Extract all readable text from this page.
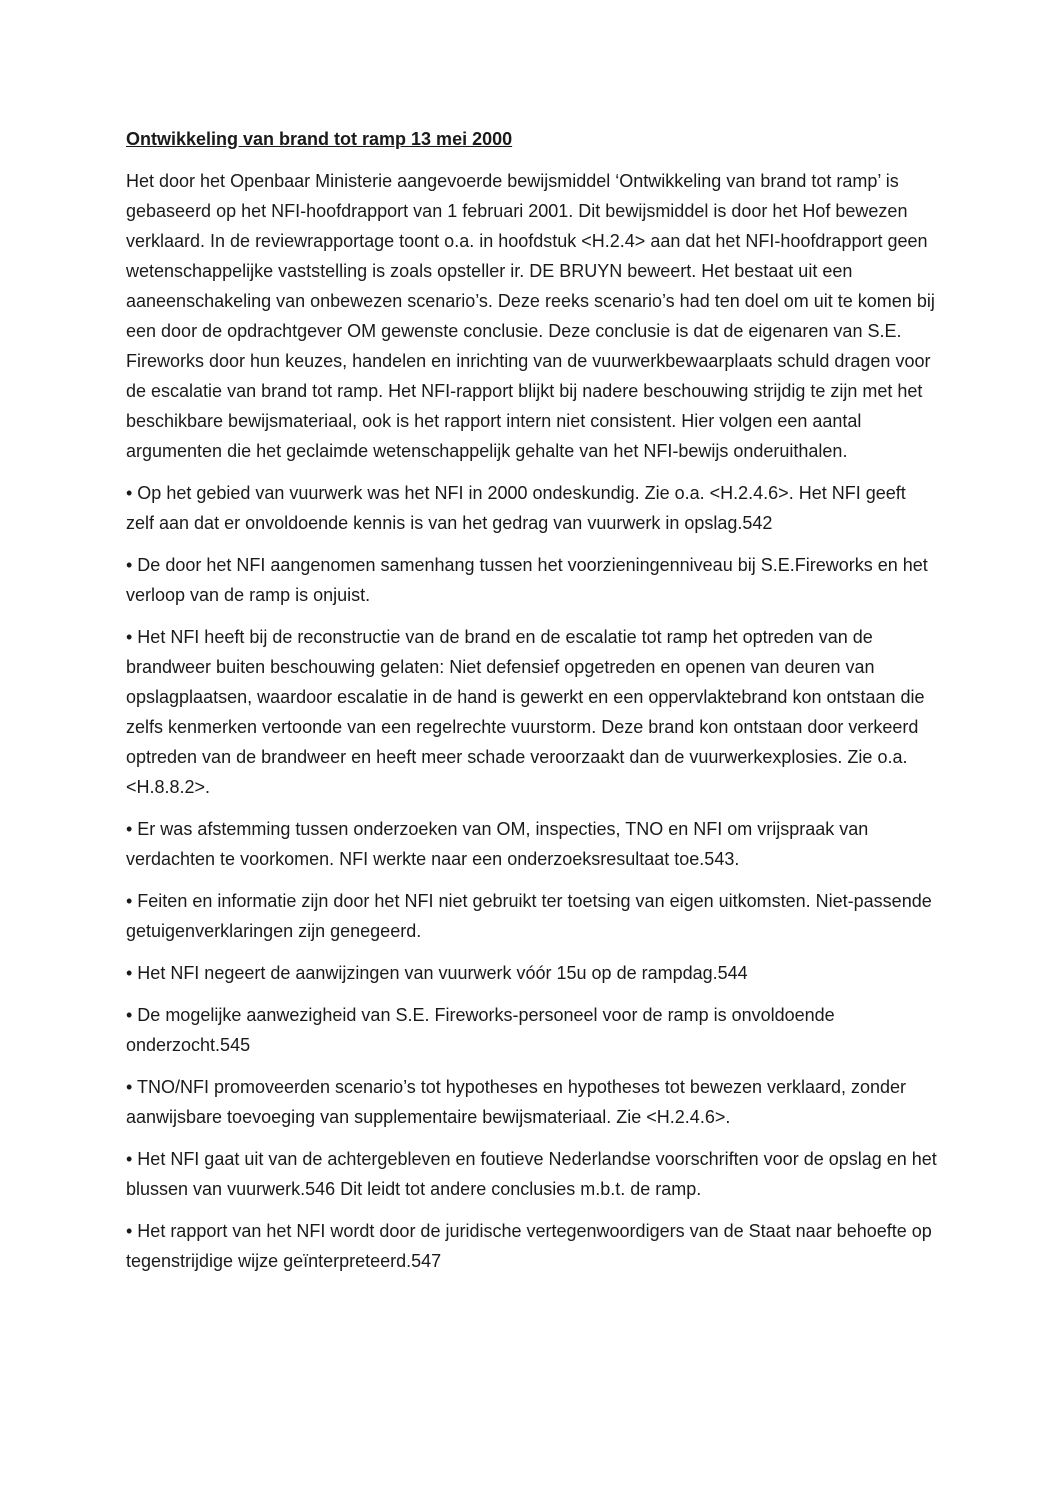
Ontwikkeling van brand tot ramp 13 mei 2000
Het door het Openbaar Ministerie aangevoerde bewijsmiddel ‘Ontwikkeling van brand tot ramp’ is gebaseerd op het NFI-hoofdrapport van 1 februari 2001. Dit bewijsmiddel is door het Hof bewezen verklaard. In de reviewrapportage toont o.a. in hoofdstuk <H.2.4> aan dat het NFI-hoofdrapport geen wetenschappelijke vaststelling is zoals opsteller ir. DE BRUYN beweert. Het bestaat uit een aaneenschakeling van onbewezen scenario’s. Deze reeks scenario’s had ten doel om uit te komen bij een door de opdrachtgever OM gewenste conclusie. Deze conclusie is dat de eigenaren van S.E. Fireworks door hun keuzes, handelen en inrichting van de vuurwerkbewaarplaats schuld dragen voor de escalatie van brand tot ramp. Het NFI-rapport blijkt bij nadere beschouwing strijdig te zijn met het beschikbare bewijsmateriaal, ook is het rapport intern niet consistent. Hier volgen een aantal argumenten die het geclaimde wetenschappelijk gehalte van het NFI-bewijs onderuithalen.
• Op het gebied van vuurwerk was het NFI in 2000 ondeskundig. Zie o.a. <H.2.4.6>. Het NFI geeft zelf aan dat er onvoldoende kennis is van het gedrag van vuurwerk in opslag.542
• De door het NFI aangenomen samenhang tussen het voorzieningenniveau bij S.E.Fireworks en het verloop van de ramp is onjuist.
• Het NFI heeft bij de reconstructie van de brand en de escalatie tot ramp het optreden van de brandweer buiten beschouwing gelaten: Niet defensief opgetreden en openen van deuren van opslagplaatsen, waardoor escalatie in de hand is gewerkt en een oppervlaktebrand kon ontstaan die zelfs kenmerken vertoonde van een regelrechte vuurstorm. Deze brand kon ontstaan door verkeerd optreden van de brandweer en heeft meer schade veroorzaakt dan de vuurwerkexplosies. Zie o.a. <H.8.8.2>.
• Er was afstemming tussen onderzoeken van OM, inspecties, TNO en NFI om vrijspraak van verdachten te voorkomen. NFI werkte naar een onderzoeksresultaat toe.543.
• Feiten en informatie zijn door het NFI niet gebruikt ter toetsing van eigen uitkomsten. Niet-passende getuigenverklaringen zijn genegeerd.
• Het NFI negeert de aanwijzingen van vuurwerk vóór 15u op de rampdag.544
• De mogelijke aanwezigheid van S.E. Fireworks-personeel voor de ramp is onvoldoende onderzocht.545
• TNO/NFI promoveerden scenario’s tot hypotheses en hypotheses tot bewezen verklaard, zonder aanwijsbare toevoeging van supplementaire bewijsmateriaal. Zie <H.2.4.6>.
• Het NFI gaat uit van de achtergebleven en foutieve Nederlandse voorschriften voor de opslag en het blussen van vuurwerk.546 Dit leidt tot andere conclusies m.b.t. de ramp.
• Het rapport van het NFI wordt door de juridische vertegenwoordigers van de Staat naar behoefte op tegenstrijdige wijze geïnterpreteerd.547
